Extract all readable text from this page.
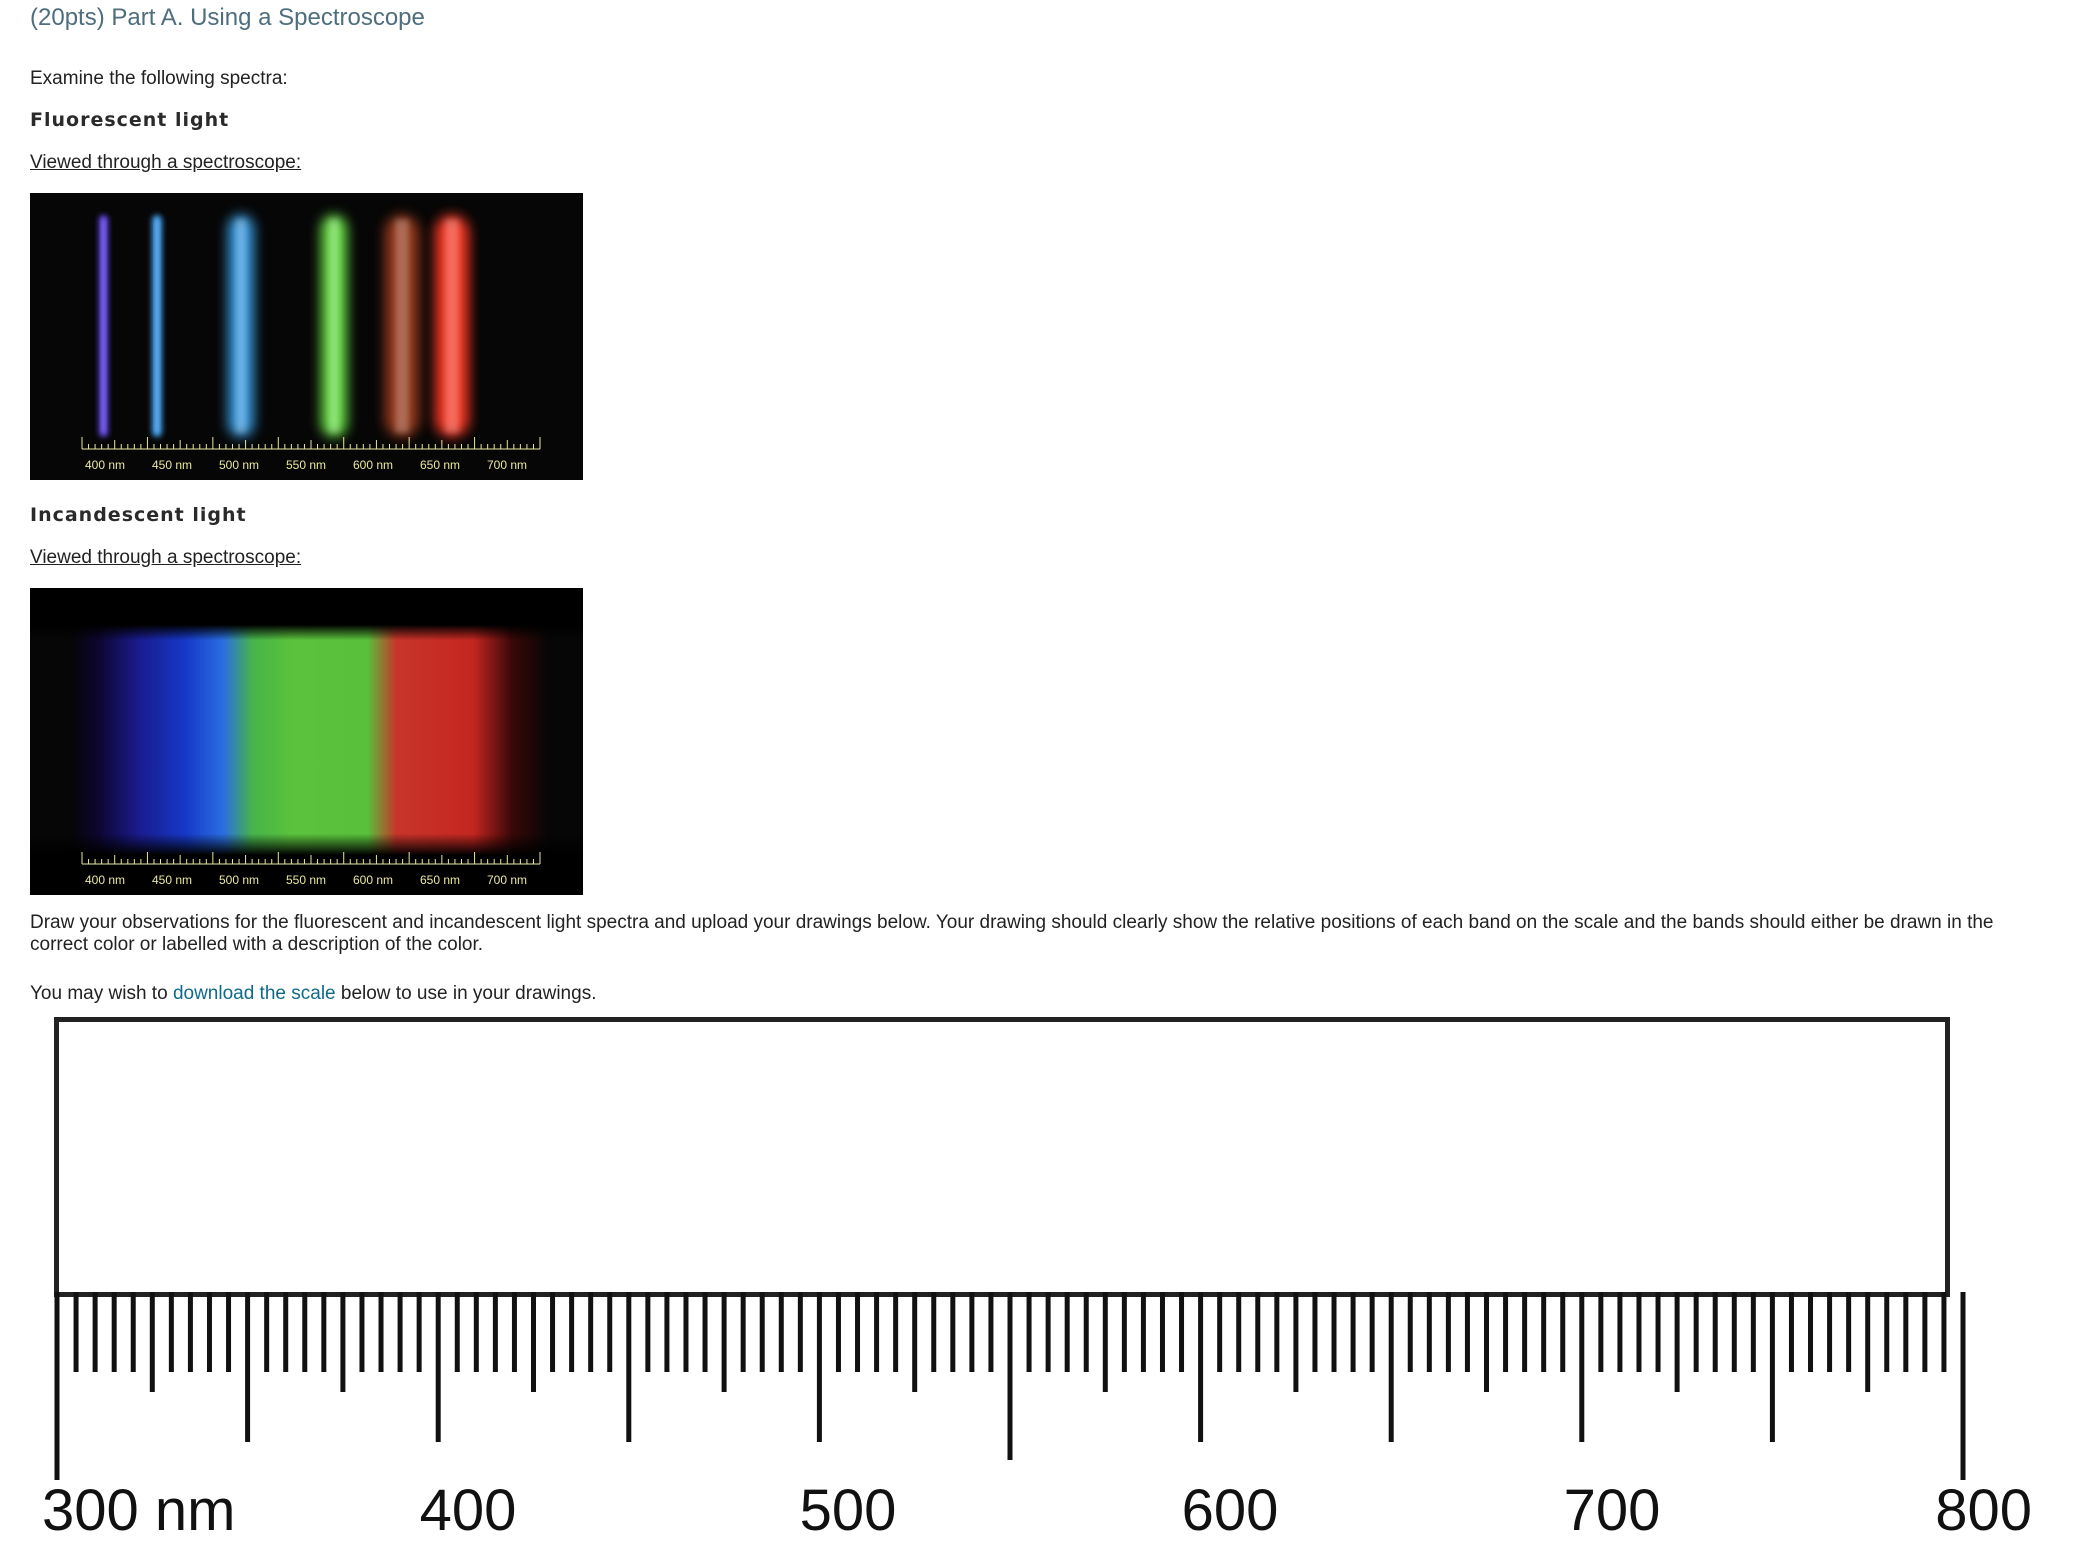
(20pts) Part A. Using a Spectroscope
Examine the following spectra:
Fluorescent light
Viewed through a spectroscope:
400 nm 450 nm 500 nm 550 nm 600 nm 650 nm 700 nm
Incandescent light
Viewed through a spectroscope:
400 nm 450 nm 500 nm 550 nm 600 nm 650 nm 700 nm
Draw your observations for the fluorescent and incandescent light spectra and upload your drawings below. Your drawing should clearly show the relative positions of each band on the scale and the bands should either be drawn in the correct color or labelled with a description of the color.
You may wish to download the scale below to use in your drawings.
300 nm	400	500	600	700	800
